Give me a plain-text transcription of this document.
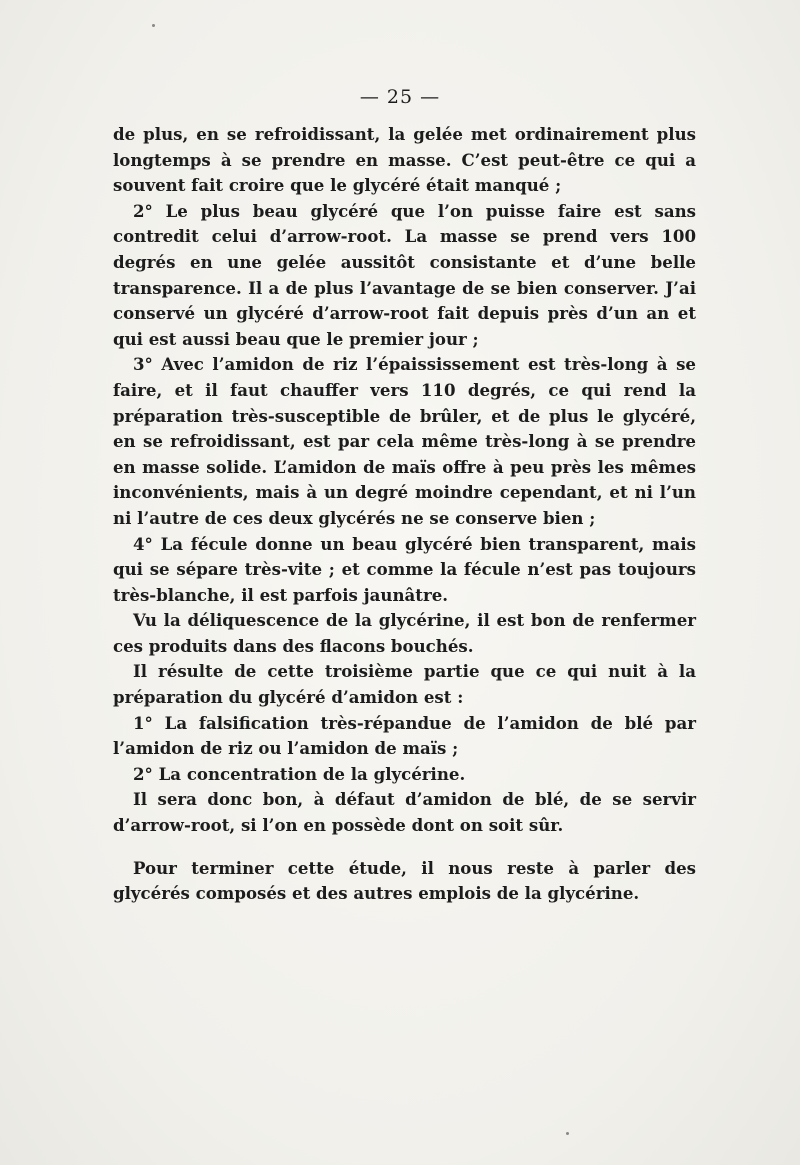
— 25 —

de plus, en se refroidissant, la gelée met ordinairement plus longtemps à se prendre en masse. C’est peut-être ce qui a souvent fait croire que le glycéré était manqué ;

2° Le plus beau glycéré que l’on puisse faire est sans contredit celui d’arrow-root. La masse se prend vers 100 degrés en une gelée aussitôt consistante et d’une belle transparence. Il a de plus l’avantage de se bien conserver. J’ai conservé un glycéré d’arrow-root fait depuis près d’un an et qui est aussi beau que le premier jour ;

3° Avec l’amidon de riz l’épaississement est très-long à se faire, et il faut chauffer vers 110 degrés, ce qui rend la préparation très-susceptible de brûler, et de plus le glycéré, en se refroidissant, est par cela même très-long à se prendre en masse solide. L’amidon de maïs offre à peu près les mêmes inconvénients, mais à un degré moindre cependant, et ni l’un ni l’autre de ces deux glycérés ne se conserve bien ;

4° La fécule donne un beau glycéré bien transparent, mais qui se sépare très-vite ; et comme la fécule n’est pas toujours très-blanche, il est parfois jaunâtre.

Vu la déliquescence de la glycérine, il est bon de renfermer ces produits dans des flacons bouchés.

Il résulte de cette troisième partie que ce qui nuit à la préparation du glycéré d’amidon est :

1° La falsification très-répandue de l’amidon de blé par l’amidon de riz ou l’amidon de maïs ;

2° La concentration de la glycérine.

Il sera donc bon, à défaut d’amidon de blé, de se servir d’arrow-root, si l’on en possède dont on soit sûr.

Pour terminer cette étude, il nous reste à parler des glycérés composés et des autres emplois de la glycérine.
